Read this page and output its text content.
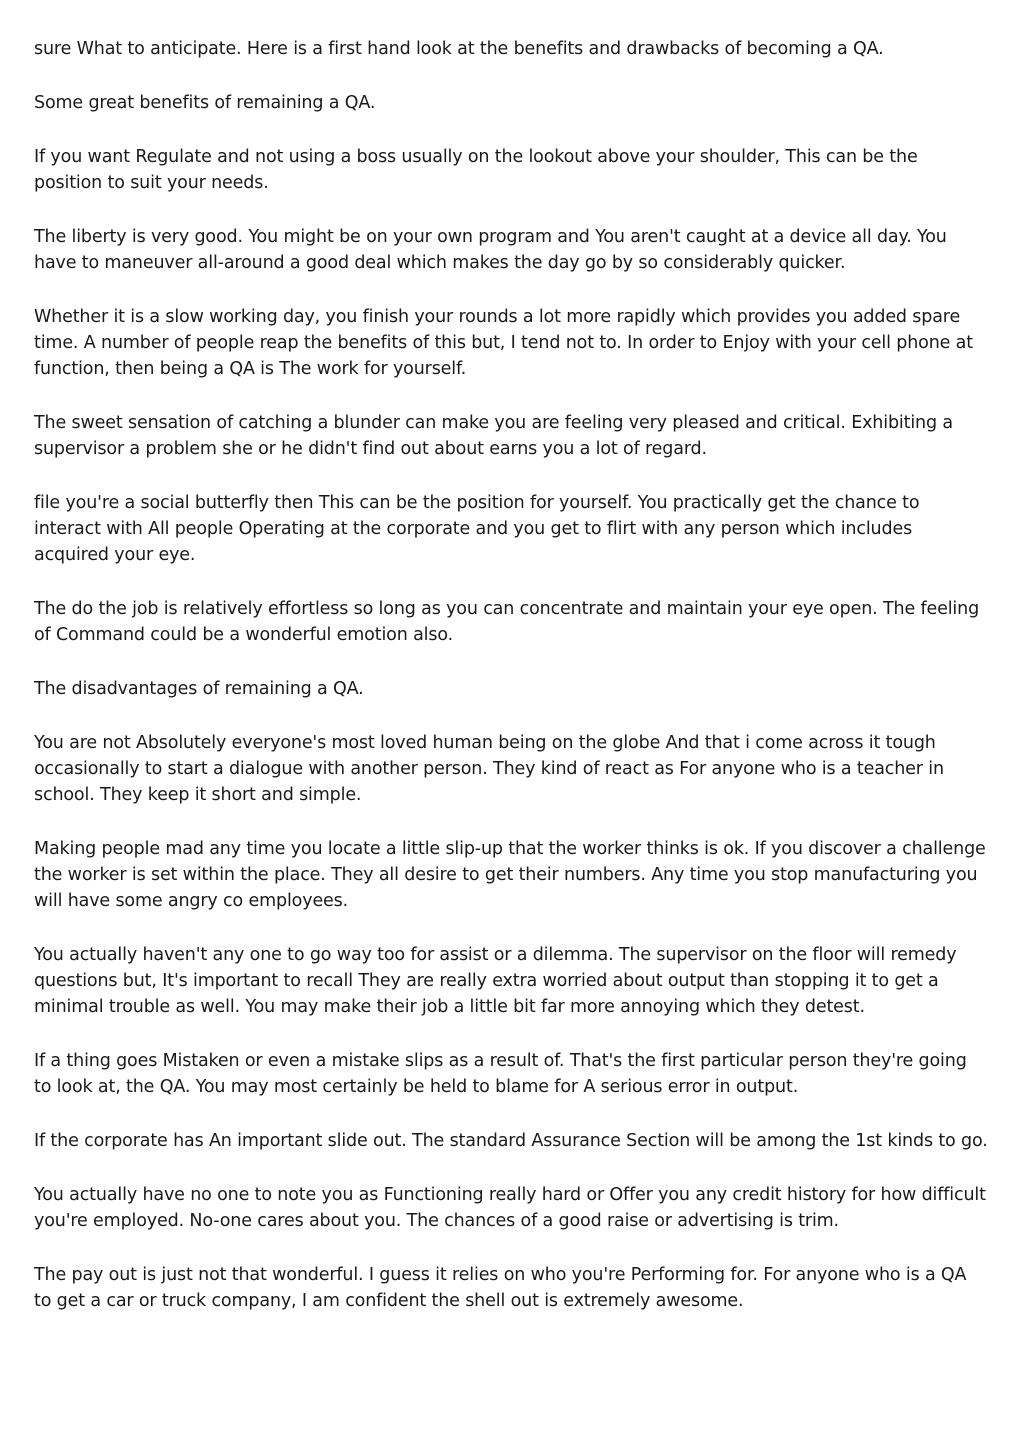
sure What to anticipate. Here is a first hand look at the benefits and drawbacks of becoming a QA.

Some great benefits of remaining a QA.

If you want Regulate and not using a boss usually on the lookout above your shoulder, This can be the position to suit your needs.

The liberty is very good. You might be on your own program and You aren't caught at a device all day. You have to maneuver all-around a good deal which makes the day go by so considerably quicker.

Whether it is a slow working day, you finish your rounds a lot more rapidly which provides you added spare time. A number of people reap the benefits of this but, I tend not to. In order to Enjoy with your cell phone at function, then being a QA is The work for yourself.

The sweet sensation of catching a blunder can make you are feeling very pleased and critical. Exhibiting a supervisor a problem she or he didn't find out about earns you a lot of regard.

file you're a social butterfly then This can be the position for yourself. You practically get the chance to interact with All people Operating at the corporate and you get to flirt with any person which includes acquired your eye.

The do the job is relatively effortless so long as you can concentrate and maintain your eye open. The feeling of Command could be a wonderful emotion also.

The disadvantages of remaining a QA.

You are not Absolutely everyone's most loved human being on the globe And that i come across it tough occasionally to start a dialogue with another person. They kind of react as For anyone who is a teacher in school. They keep it short and simple.

Making people mad any time you locate a little slip-up that the worker thinks is ok. If you discover a challenge the worker is set within the place. They all desire to get their numbers. Any time you stop manufacturing you will have some angry co employees.

You actually haven't any one to go way too for assist or a dilemma. The supervisor on the floor will remedy questions but, It's important to recall They are really extra worried about output than stopping it to get a minimal trouble as well. You may make their job a little bit far more annoying which they detest.

If a thing goes Mistaken or even a mistake slips as a result of. That's the first particular person they're going to look at, the QA. You may most certainly be held to blame for A serious error in output.

If the corporate has An important slide out. The standard Assurance Section will be among the 1st kinds to go.

You actually have no one to note you as Functioning really hard or Offer you any credit history for how difficult you're employed. No-one cares about you. The chances of a good raise or advertising is trim.

The pay out is just not that wonderful. I guess it relies on who you're Performing for. For anyone who is a QA to get a car or truck company, I am confident the shell out is extremely awesome.
